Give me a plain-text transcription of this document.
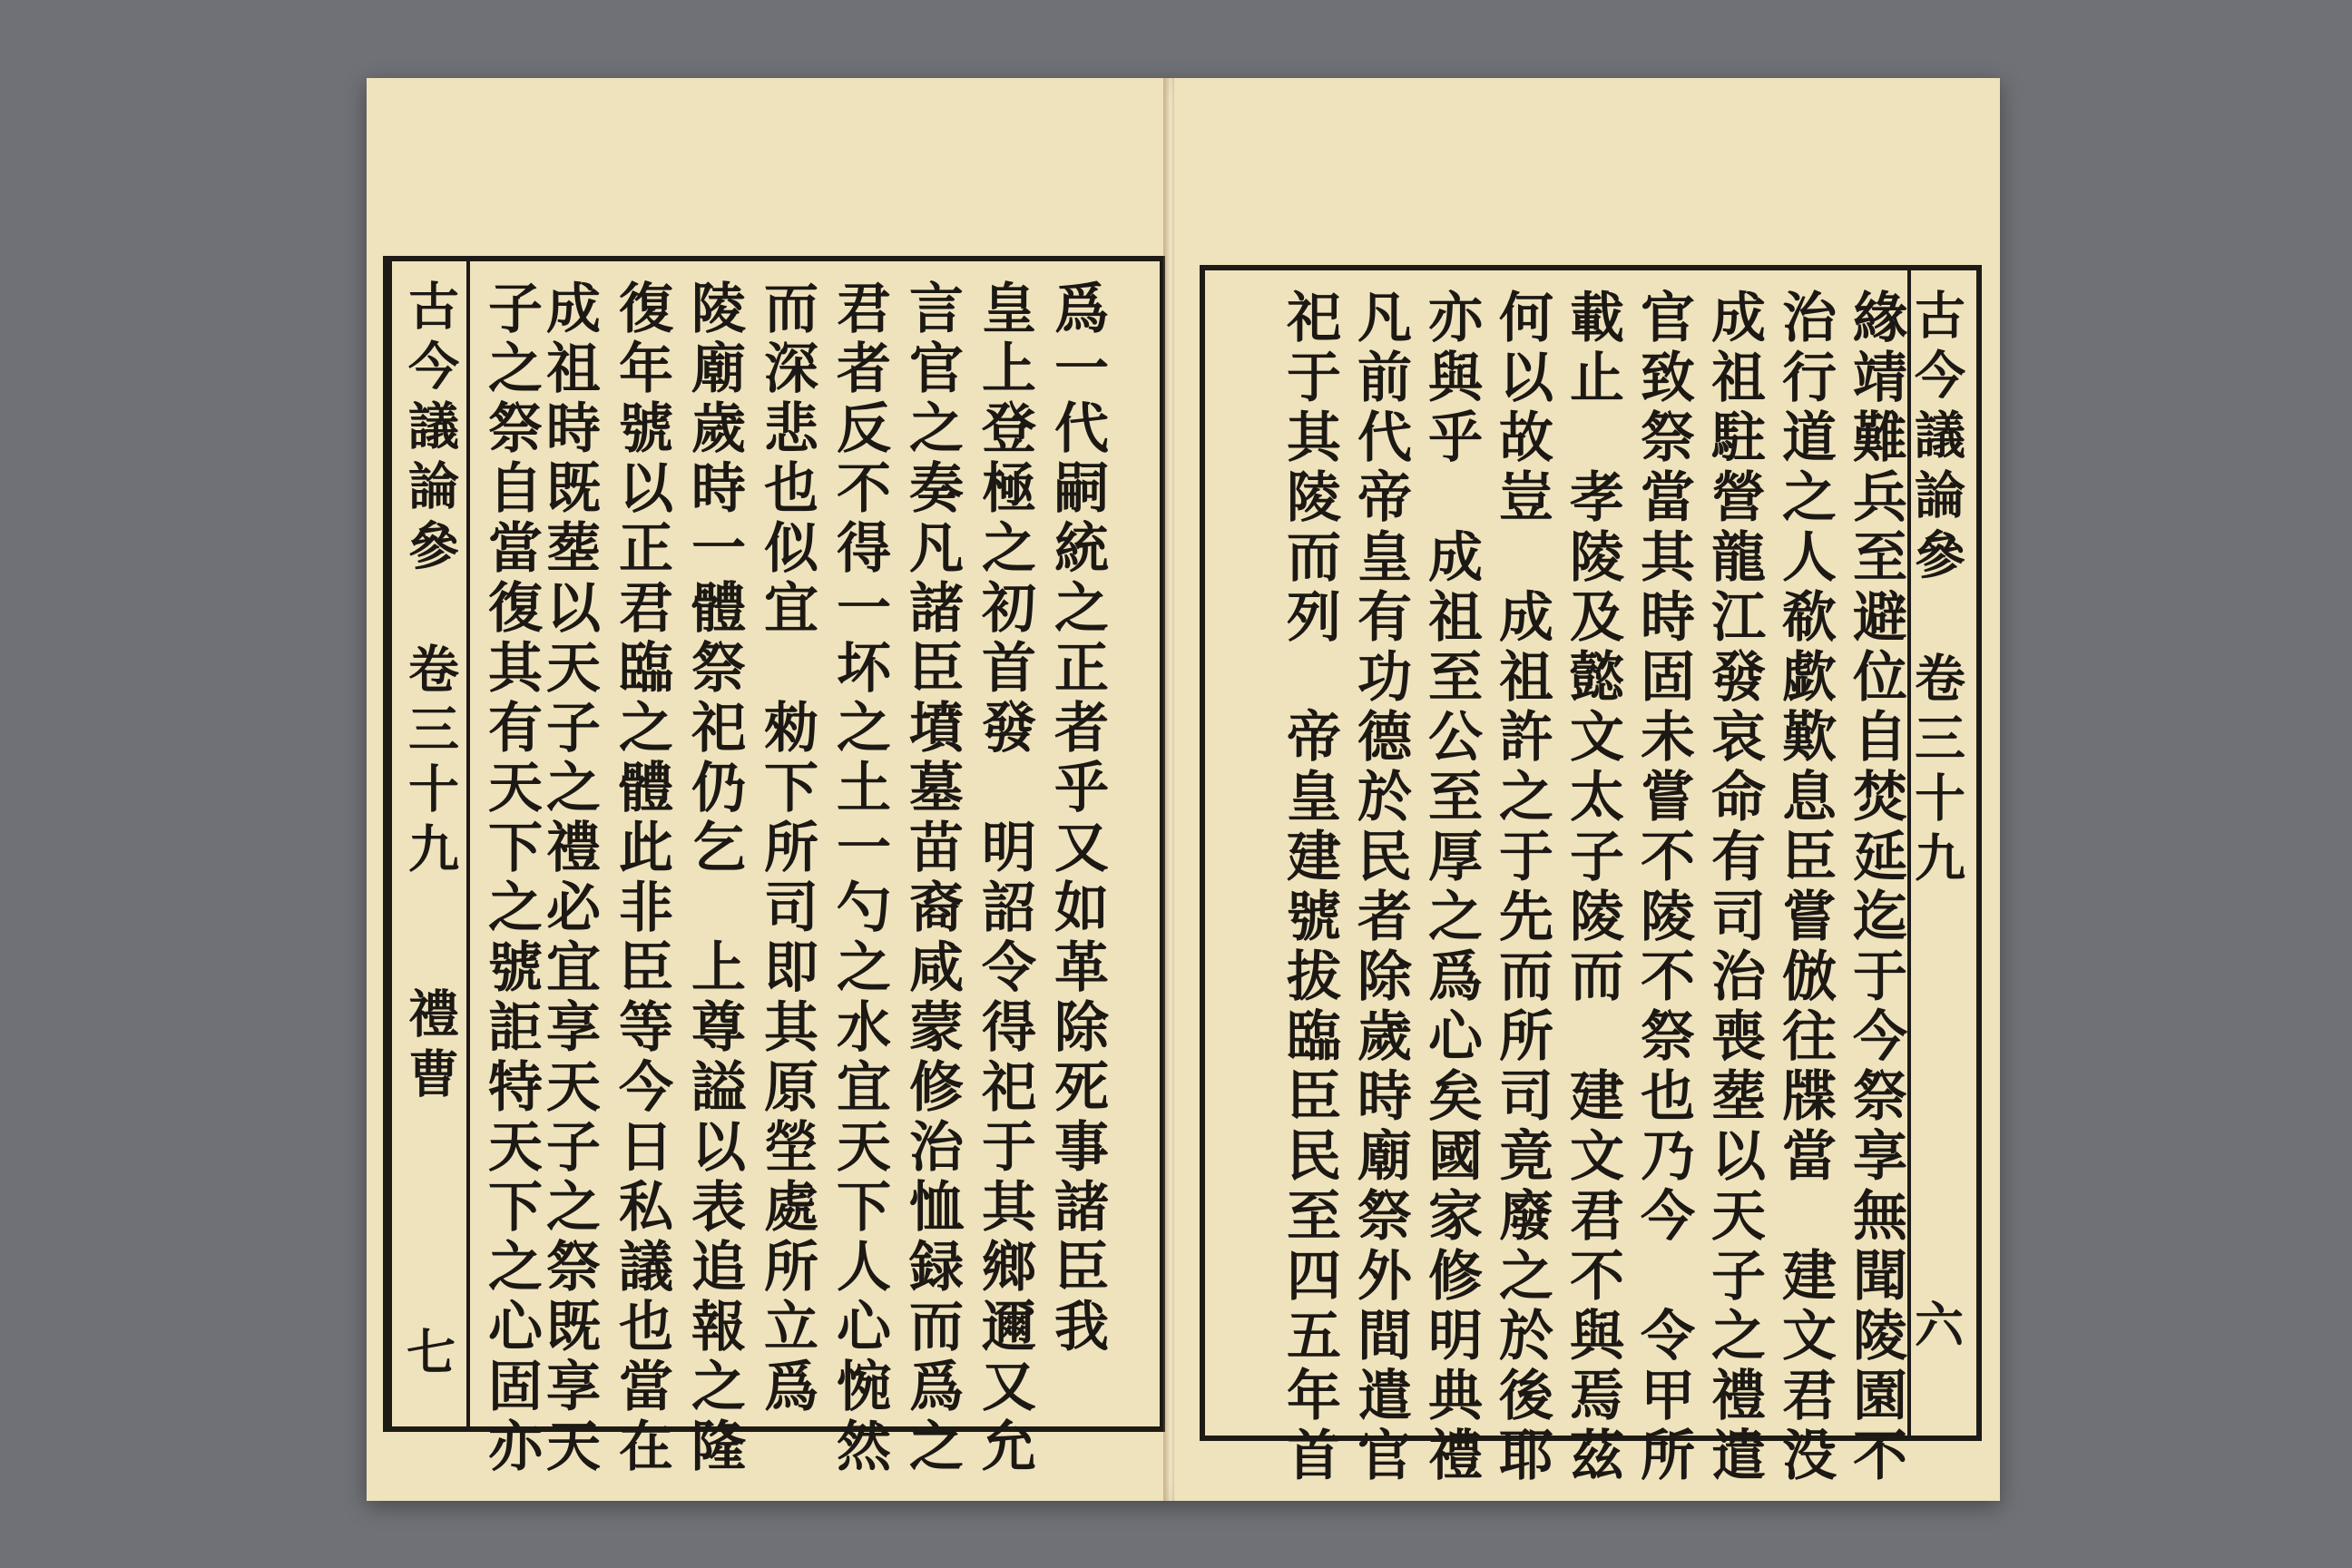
古今議論參
卷三十九
禮曹
七	爲一代嗣統之正者乎又如革除死事諸臣我
皇上登極之初首發　明詔令得祀于其鄉邇又允
言官之奏凡諸臣墳墓苗裔咸蒙修治恤録而爲之
君者反不得一坏之土一勺之水宜天下人心惋然
而深悲也似宜　勑下所司即其原塋處所立爲
陵廟歲時一體祭祀仍乞　上尊謚以表追報之隆
復年號以正君臨之體此非臣等今日私議也當在
成祖時既塟以天子之禮必宜享天子之祭既享天
子之祭自當復其有天下之號詎特天下之心固亦	緣靖難兵至避位自焚延迄于今祭享無聞陵園不
治行道之人欷歔歎息臣嘗倣往牒當　建文君没
成祖駐營龍江發哀命有司治喪塟以天子之禮遣
官致祭當其時固未嘗不陵不祭也乃今　令甲所
載止　孝陵及懿文太子陵而　建文君不與焉茲
何以故豈　成祖許之于先而所司竟廢之於後耶
亦與乎　成祖至公至厚之爲心矣國家修明典禮
凡前代帝皇有功德於民者除歲時廟祭外間遣官
祀于其陵而列　帝皇建號拔臨臣民至四五年首	古今議論參
卷三十九
六
